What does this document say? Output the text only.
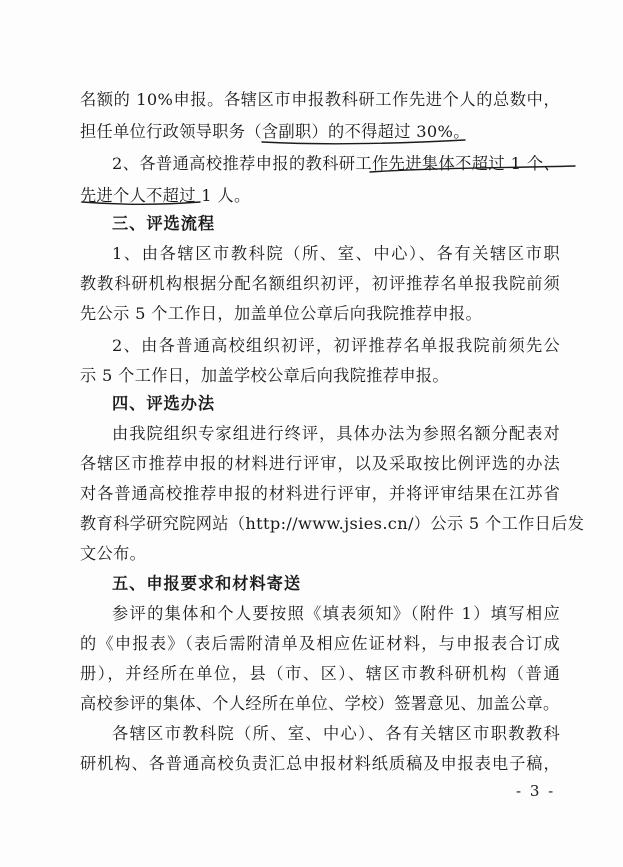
名额的 10%申报。各辖区市申报教科研工作先进个人的总数中，
担任单位行政领导职务（含副职）的不得超过 30%。
2、各普通高校推荐申报的教科研工作先进集体不超过 1 个、
先进个人不超过 1 人。
三、评选流程
1、由各辖区市教科院（所、室、中心）、各有关辖区市职
教教科研机构根据分配名额组织初评，初评推荐名单报我院前须
先公示 5 个工作日，加盖单位公章后向我院推荐申报。
2、由各普通高校组织初评，初评推荐名单报我院前须先公
示 5 个工作日，加盖学校公章后向我院推荐申报。
四、评选办法
由我院组织专家组进行终评，具体办法为参照名额分配表对
各辖区市推荐申报的材料进行评审，以及采取按比例评选的办法
对各普通高校推荐申报的材料进行评审，并将评审结果在江苏省
教育科学研究院网站（http://www.jsies.cn/）公示 5 个工作日后发
文公布。
五、申报要求和材料寄送
参评的集体和个人要按照《填表须知》（附件 1）填写相应
的《申报表》（表后需附清单及相应佐证材料，与申报表合订成
册），并经所在单位，县（市、区）、辖区市教科研机构（普通
高校参评的集体、个人经所在单位、学校）签署意见、加盖公章。
各辖区市教科院（所、室、中心）、各有关辖区市职教教科
研机构、各普通高校负责汇总申报材料纸质稿及申报表电子稿，
- 3 -
